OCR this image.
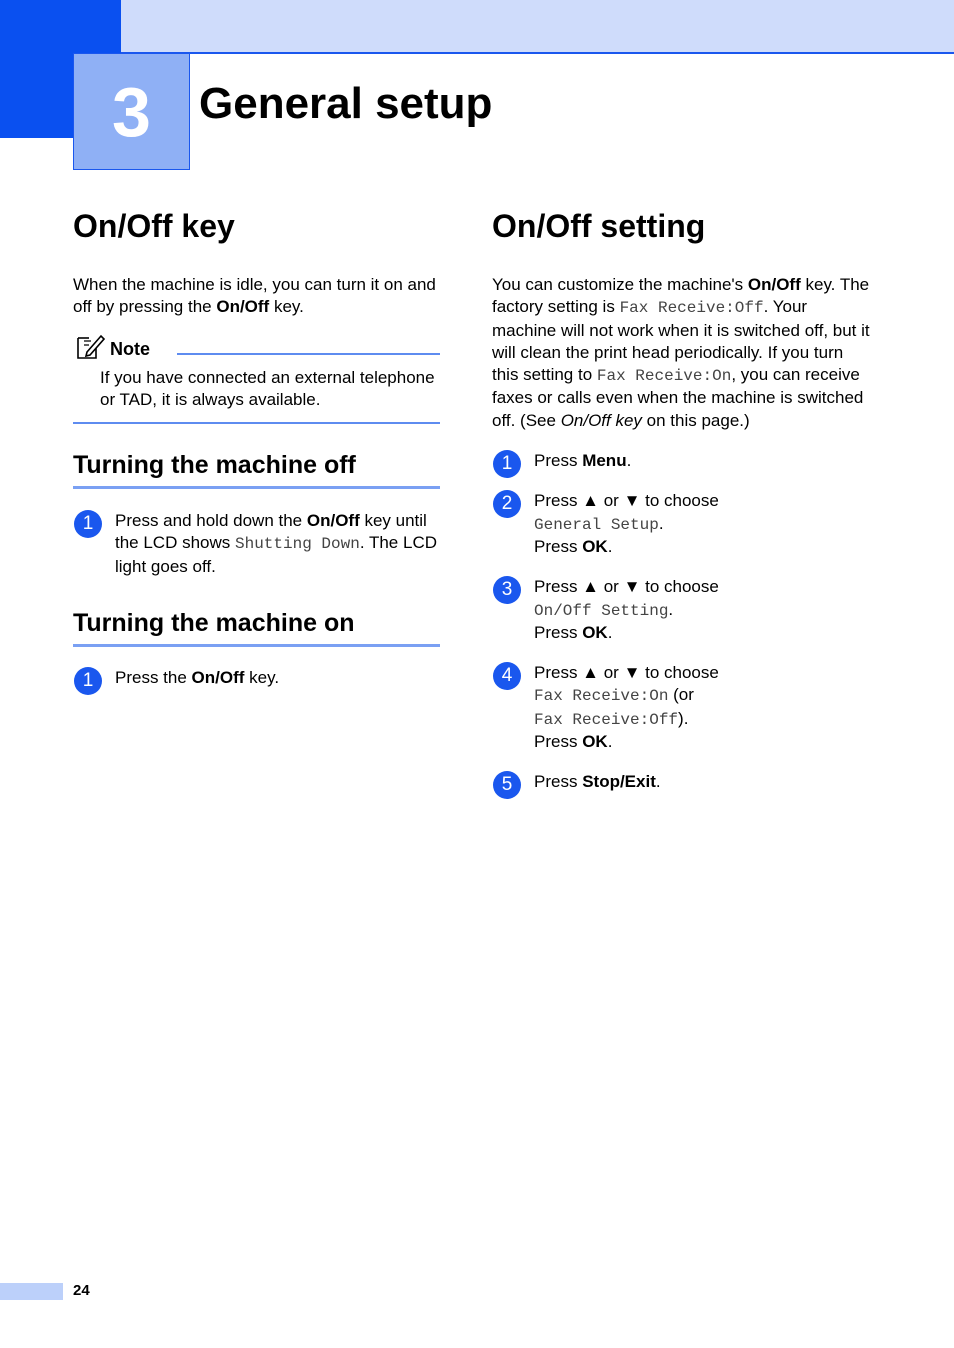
3	General setup
On/Off key

When the machine is idle, you can turn it on and off by pressing the On/Off key.

Note
If you have connected an external telephone or TAD, it is always available.
Turning the machine off
1	Press and hold down the On/Off key until the LCD shows Shutting Down. The LCD light goes off.
Turning the machine on
1	Press the On/Off key.
On/Off setting

You can customize the machine's On/Off key. The factory setting is Fax Receive:Off. Your machine will not work when it is switched off, but it will clean the print head periodically. If you turn this setting to Fax Receive:On, you can receive faxes or calls even when the machine is switched off. (See On/Off key on this page.)

1	Press Menu.
2	Press ▲ or ▼ to choose
General Setup.
Press OK.
3	Press ▲ or ▼ to choose
On/Off Setting.
Press OK.
4	Press ▲ or ▼ to choose
Fax Receive:On (or
Fax Receive:Off).
Press OK.
5	Press Stop/Exit.
24
